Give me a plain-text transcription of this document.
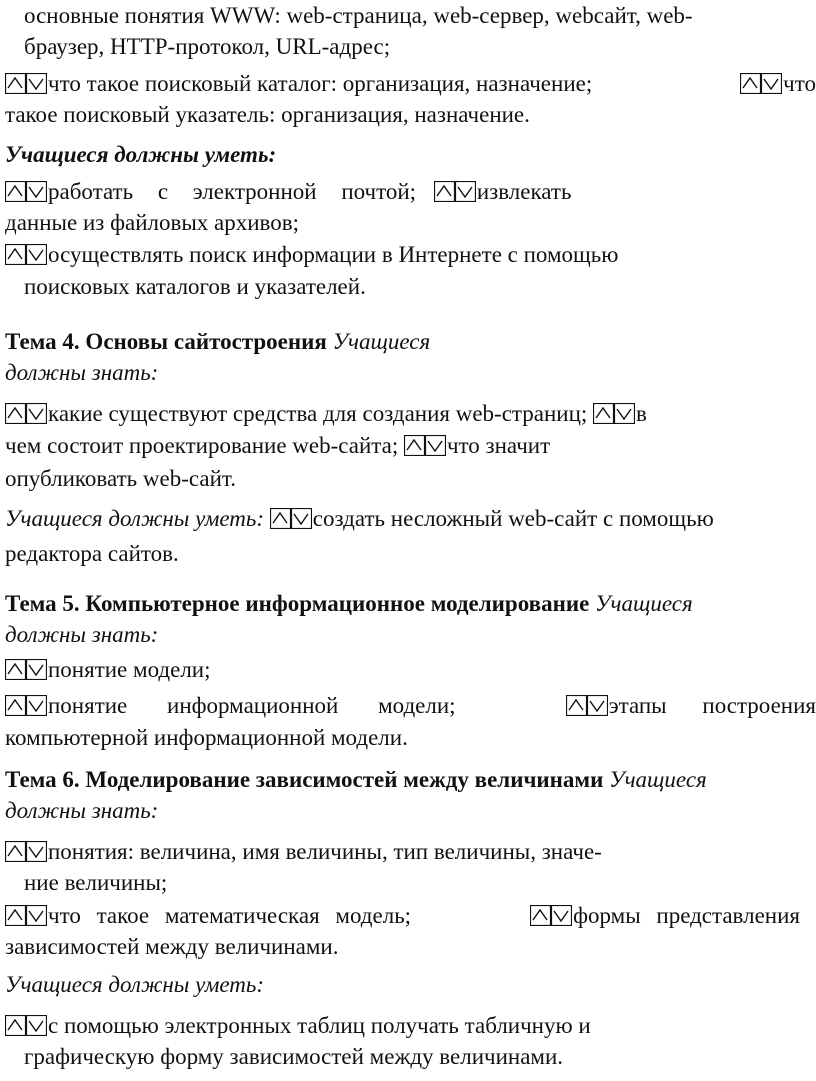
основные понятия WWW: web-страница, web-сервер, webсайт, web-
браузер, HTTP-протокол, URL-адрес;
что такое поисковый каталог: организация, назначение;	что
такое поисковый указатель: организация, назначение.
Учащиеся должны уметь:
работать с электронной почтой;	извлекать
данные из файловых архивов;
осуществлять поиск информации в Интернете с помощью
поисковых каталогов и указателей.
Тема 4. Основы сайтостроения Учащиеся
должны знать:
какие существуют средства для создания web-страниц; в
чем состоит проектирование web-сайта; что значит
опубликовать web-сайт.
Учащиеся должны уметь: создать несложный web-сайт с помощью
редактора сайтов.
Тема 5. Компьютерное информационное моделирование Учащиеся
должны знать:
понятие модели;
понятие информационной модели;	этапы построения
компьютерной информационной модели.
Тема 6. Моделирование зависимостей между величинами Учащиеся
должны знать:
понятия: величина, имя величины, тип величины, значе-
ние величины;
что такое математическая модель;	формы представления
зависимостей между величинами.
Учащиеся должны уметь:
с помощью электронных таблиц получать табличную и
графическую форму зависимостей между величинами.
